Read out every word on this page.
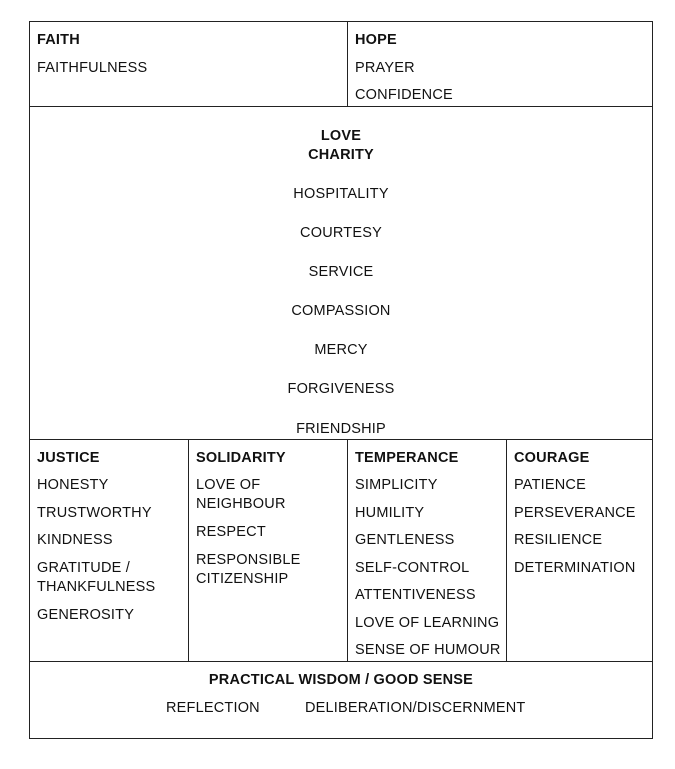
FAITH
FAITHFULNESS
HOPE
PRAYER
CONFIDENCE
LOVE
CHARITY
HOSPITALITY
COURTESY
SERVICE
COMPASSION
MERCY
FORGIVENESS
FRIENDSHIP
JUSTICE
HONESTY
TRUSTWORTHY
KINDNESS
GRATITUDE / THANKFULNESS
GENEROSITY
SOLIDARITY
LOVE OF NEIGHBOUR
RESPECT
RESPONSIBLE CITIZENSHIP
TEMPERANCE
SIMPLICITY
HUMILITY
GENTLENESS
SELF-CONTROL
ATTENTIVENESS
LOVE OF LEARNING
SENSE OF HUMOUR
COURAGE
PATIENCE
PERSEVERANCE
RESILIENCE
DETERMINATION
PRACTICAL WISDOM / GOOD SENSE
REFLECTION	DELIBERATION/DISCERNMENT
